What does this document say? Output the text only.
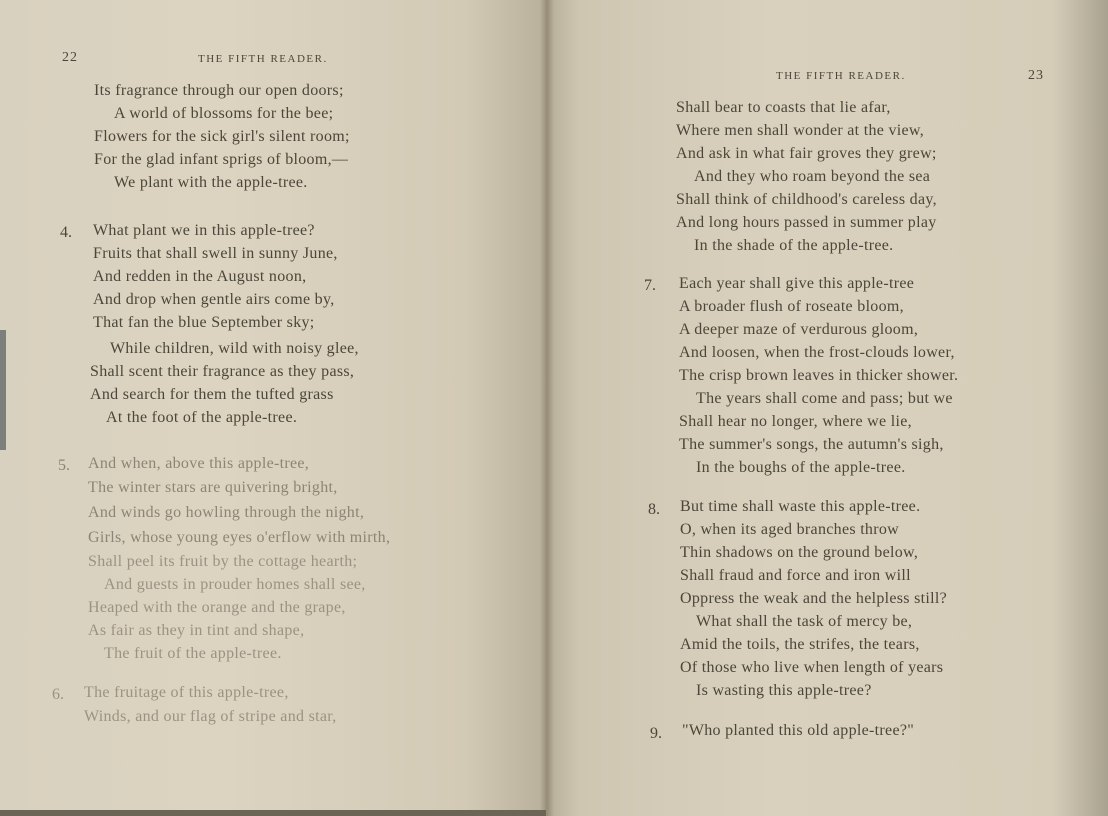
22	THE FIFTH READER.
Its fragrance through our open doors;
A world of blossoms for the bee;
Flowers for the sick girl's silent room;
For the glad infant sprigs of bloom,—
We plant with the apple-tree.
4. What plant we in this apple-tree?
Fruits that shall swell in sunny June,
And redden in the August noon,
And drop when gentle airs come by,
That fan the blue September sky;
While children, wild with noisy glee,
Shall scent their fragrance as they pass,
And search for them the tufted grass
At the foot of the apple-tree.
5. And when, above this apple-tree,
The winter stars are quivering bright,
And winds go howling through the night,
Girls, whose young eyes o'erflow with mirth,
Shall peel its fruit by the cottage hearth;
And guests in prouder homes shall see,
Heaped with the orange and the grape,
As fair as they in tint and shape,
The fruit of the apple-tree.
6. The fruitage of this apple-tree,
Winds, and our flag of stripe and star,
THE FIFTH READER.	23
Shall bear to coasts that lie afar,
Where men shall wonder at the view,
And ask in what fair groves they grew;
And they who roam beyond the sea
Shall think of childhood's careless day,
And long hours passed in summer play
In the shade of the apple-tree.
7. Each year shall give this apple-tree
A broader flush of roseate bloom,
A deeper maze of verdurous gloom,
And loosen, when the frost-clouds lower,
The crisp brown leaves in thicker shower.
The years shall come and pass; but we
Shall hear no longer, where we lie,
The summer's songs, the autumn's sigh,
In the boughs of the apple-tree.
8. But time shall waste this apple-tree.
O, when its aged branches throw
Thin shadows on the ground below,
Shall fraud and force and iron will
Oppress the weak and the helpless still?
What shall the task of mercy be,
Amid the toils, the strifes, the tears,
Of those who live when length of years
Is wasting this apple-tree?
9. "Who planted this old apple-tree?"
